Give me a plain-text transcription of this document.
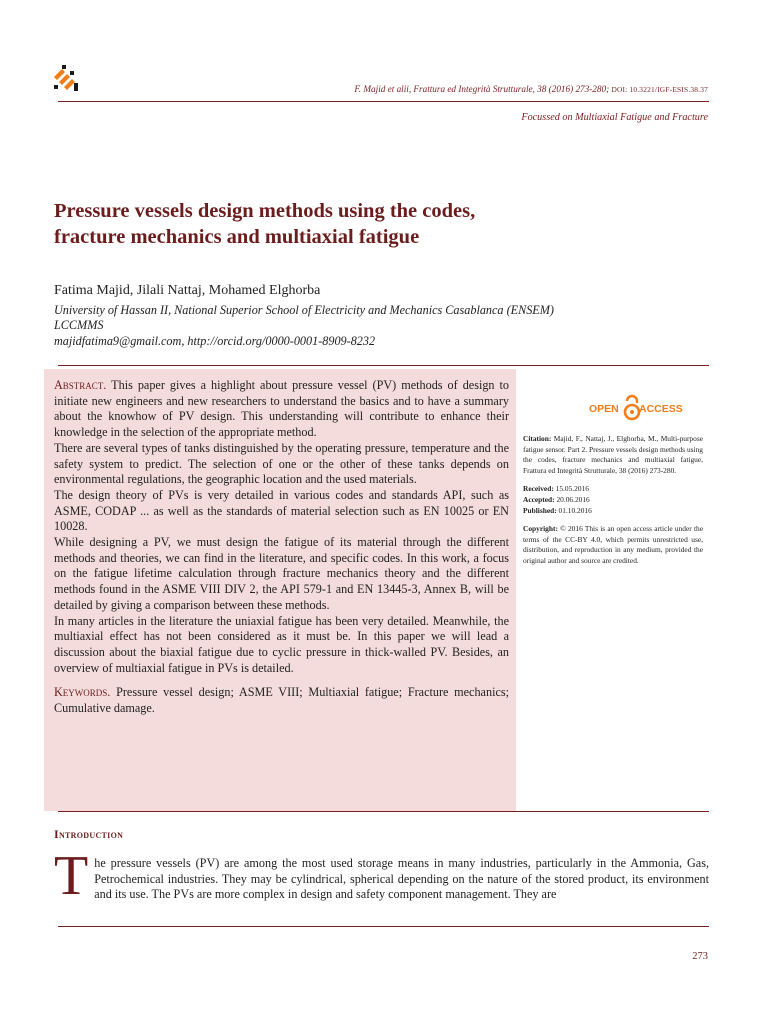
F. Majid et alii, Frattura ed Integrità Strutturale, 38 (2016) 273-280; DOI: 10.3221/IGF-ESIS.38.37
Focussed on Multiaxial Fatigue and Fracture
Pressure vessels design methods using the codes,
fracture mechanics and multiaxial fatigue
Fatima Majid, Jilali Nattaj, Mohamed Elghorba
University of Hassan II, National Superior School of Electricity and Mechanics Casablanca (ENSEM)
LCCMMS
majidfatima9@gmail.com, http://orcid.org/0000-0001-8909-8232

Abstract. This paper gives a highlight about pressure vessel (PV) methods of design to initiate new engineers and new researchers to understand the basics and to have a summary about the knowhow of PV design. This understanding will contribute to enhance their knowledge in the selection of the appropriate method.

There are several types of tanks distinguished by the operating pressure, temperature and the safety system to predict. The selection of one or the other of these tanks depends on environmental regulations, the geographic location and the used materials.

The design theory of PVs is very detailed in various codes and standards API, such as ASME, CODAP ... as well as the standards of material selection such as EN 10025 or EN 10028.

While designing a PV, we must design the fatigue of its material through the different methods and theories, we can find in the literature, and specific codes. In this work, a focus on the fatigue lifetime calculation through fracture mechanics theory and the different methods found in the ASME VIII DIV 2, the API 579-1 and EN 13445-3, Annex B, will be detailed by giving a comparison between these methods.

In many articles in the literature the uniaxial fatigue has been very detailed. Meanwhile, the multiaxial effect has not been considered as it must be. In this paper we will lead a discussion about the biaxial fatigue due to cyclic pressure in thick-walled PV. Besides, an overview of multiaxial fatigue in PVs is detailed.

Keywords. Pressure vessel design; ASME VIII; Multiaxial fatigue; Fracture mechanics; Cumulative damage.

OPEN ACCESS

Citation: Majid, F., Nattaj, J., Elghorba, M., Multi-purpose fatigue sensor. Part 2. Pressure vessels design methods using the codes, fracture mechanics and multiaxial fatigue, Frattura ed Integrità Strutturale, 38 (2016) 273-280.

Received: 15.05.2016
Accepted: 20.06.2016
Published: 01.10.2016

Copyright: © 2016 This is an open access article under the terms of the CC-BY 4.0, which permits unrestricted use, distribution, and reproduction in any medium, provided the original author and source are credited.

Introduction
The pressure vessels (PV) are among the most used storage means in many industries, particularly in the Ammonia, Gas, Petrochemical industries. They may be cylindrical, spherical depending on the nature of the stored product, its environment and its use. The PVs are more complex in design and safety component management. They are
273
